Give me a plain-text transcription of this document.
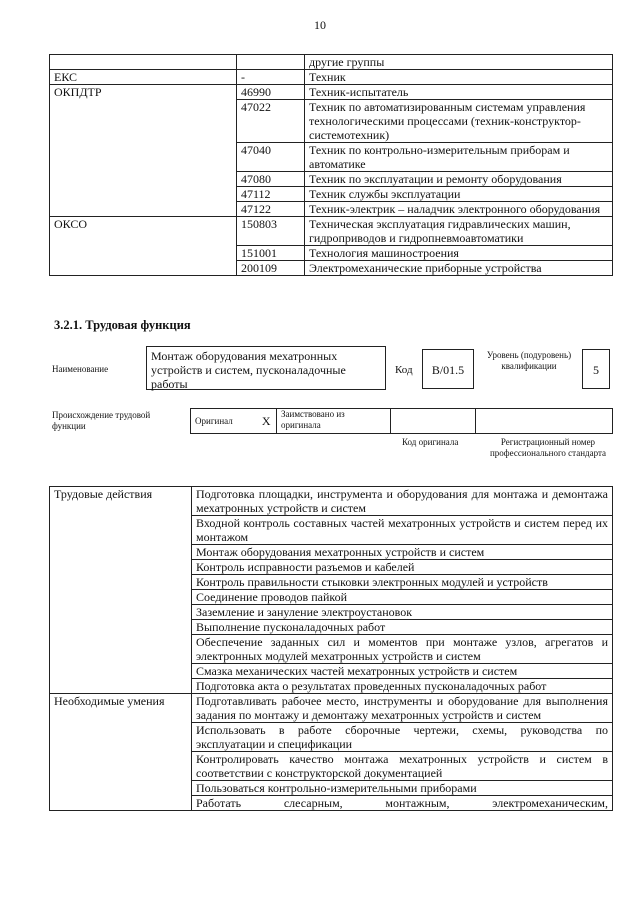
10
		другие группы
ЕКС	-	Техник
ОКПДТР	46990	Техник-испытатель
	47022	Техник по автоматизированным системам управления технологическими процессами (техник-конструктор-системотехник)
	47040	Техник по контрольно-измерительным приборам и автоматике
	47080	Техник по эксплуатации и ремонту оборудования
	47112	Техник службы эксплуатации
	47122	Техник-электрик – наладчик электронного оборудования
ОКСО	150803	Техническая эксплуатация гидравлических машин, гидроприводов и гидропневмоавтоматики
	151001	Технология машиностроения
	200109	Электромеханические приборные устройства
3.2.1. Трудовая функция
Наименование
Монтаж оборудования мехатронных устройств и систем, пусконаладочные работы
Код	B/01.5
Уровень (подуровень) квалификации	5
Происхождение трудовой функции	Оригинал	X	Заимствовано из оригинала		
Код оригинала	Регистрационный номер профессионального стандарта
Трудовые действия	Подготовка площадки, инструмента и оборудования для монтажа и демонтажа мехатронных устройств и систем
	Входной контроль составных частей мехатронных устройств и систем перед их монтажом
	Монтаж оборудования мехатронных устройств и систем
	Контроль исправности разъемов и кабелей
	Контроль правильности стыковки электронных модулей и устройств
	Соединение проводов пайкой
	Заземление и зануление электроустановок
	Выполнение пусконаладочных работ
	Обеспечение заданных сил и моментов при монтаже узлов, агрегатов и электронных модулей мехатронных устройств и систем
	Смазка механических частей мехатронных устройств и систем
	Подготовка акта о результатах проведенных пусконаладочных работ
Необходимые умения	Подготавливать рабочее место, инструменты и оборудование для выполнения задания по монтажу и демонтажу мехатронных устройств и систем
	Использовать в работе сборочные чертежи, схемы, руководства по эксплуатации и спецификации
	Контролировать качество монтажа мехатронных устройств и систем в соответствии с конструкторской документацией
	Пользоваться контрольно-измерительными приборами
	Работать слесарным, монтажным, электромеханическим,
